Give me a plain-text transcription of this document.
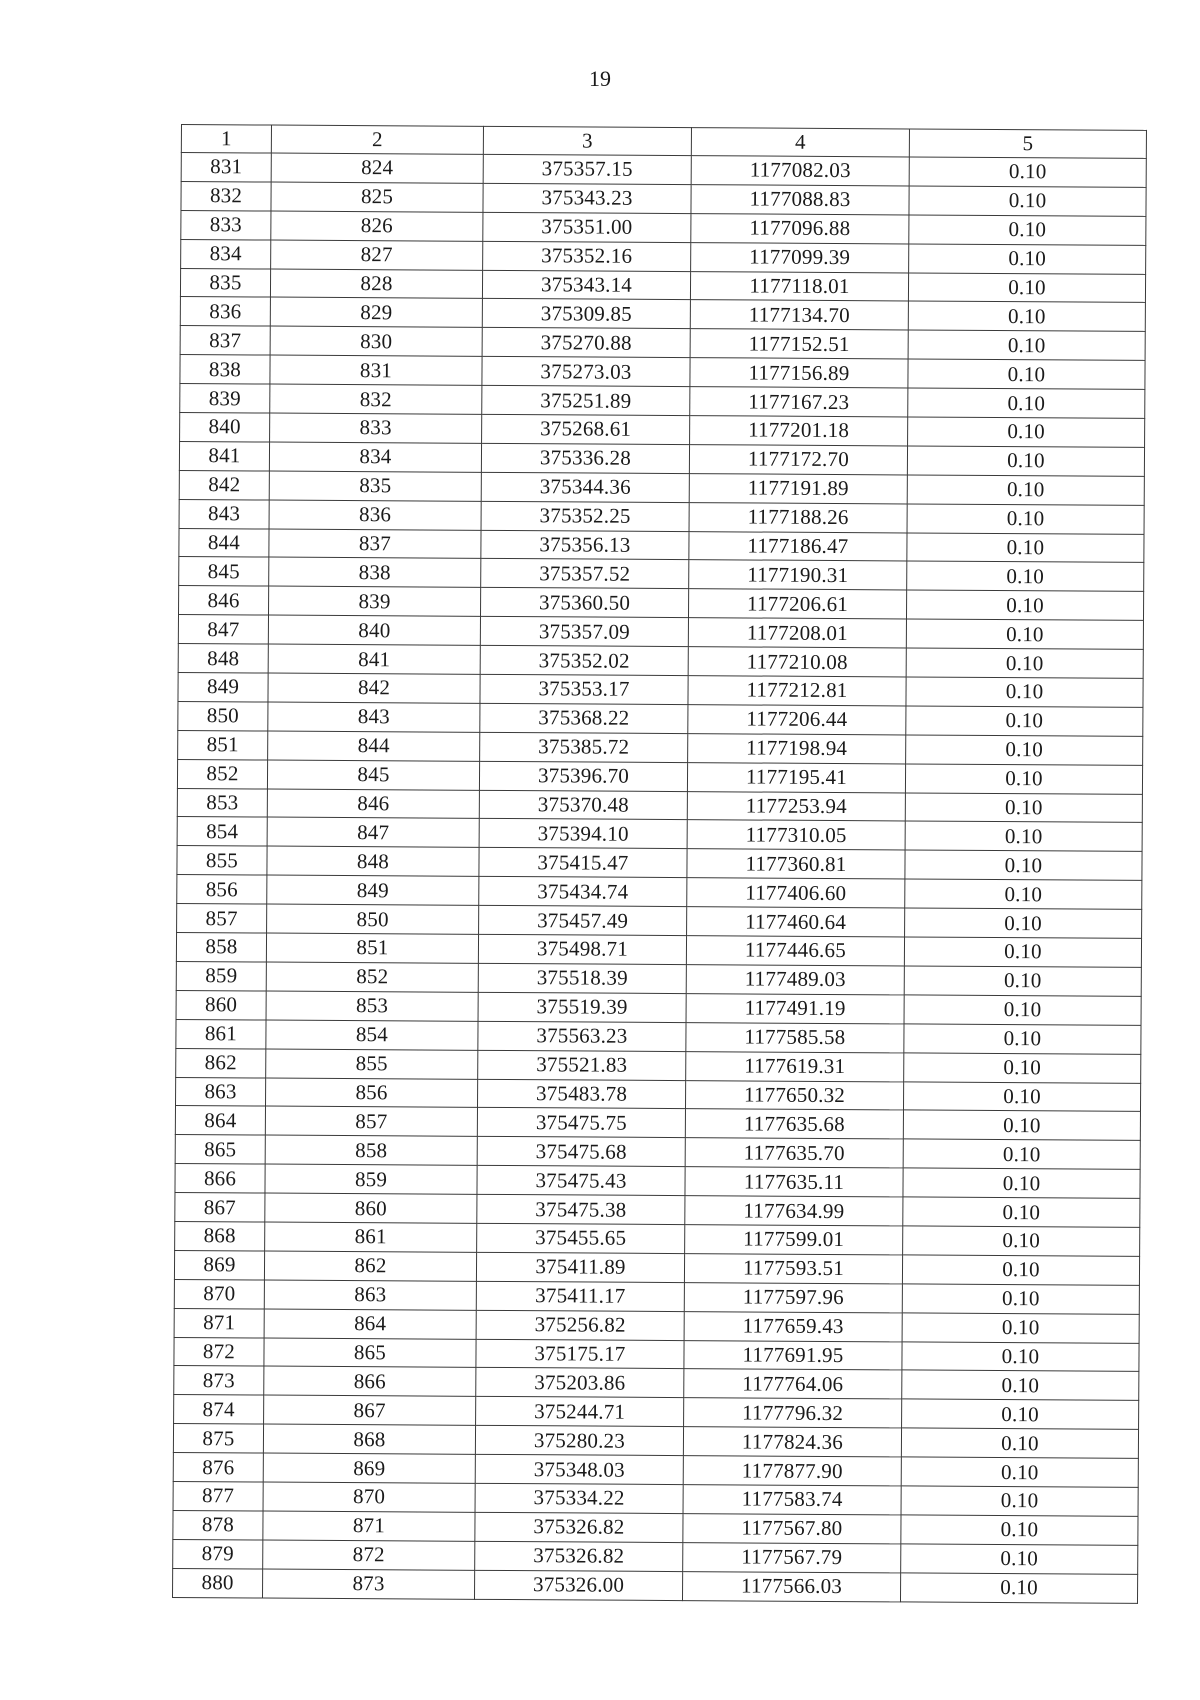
19
1	2	3	4	5
831	824	375357.15	1177082.03	0.10
832	825	375343.23	1177088.83	0.10
833	826	375351.00	1177096.88	0.10
834	827	375352.16	1177099.39	0.10
835	828	375343.14	1177118.01	0.10
836	829	375309.85	1177134.70	0.10
837	830	375270.88	1177152.51	0.10
838	831	375273.03	1177156.89	0.10
839	832	375251.89	1177167.23	0.10
840	833	375268.61	1177201.18	0.10
841	834	375336.28	1177172.70	0.10
842	835	375344.36	1177191.89	0.10
843	836	375352.25	1177188.26	0.10
844	837	375356.13	1177186.47	0.10
845	838	375357.52	1177190.31	0.10
846	839	375360.50	1177206.61	0.10
847	840	375357.09	1177208.01	0.10
848	841	375352.02	1177210.08	0.10
849	842	375353.17	1177212.81	0.10
850	843	375368.22	1177206.44	0.10
851	844	375385.72	1177198.94	0.10
852	845	375396.70	1177195.41	0.10
853	846	375370.48	1177253.94	0.10
854	847	375394.10	1177310.05	0.10
855	848	375415.47	1177360.81	0.10
856	849	375434.74	1177406.60	0.10
857	850	375457.49	1177460.64	0.10
858	851	375498.71	1177446.65	0.10
859	852	375518.39	1177489.03	0.10
860	853	375519.39	1177491.19	0.10
861	854	375563.23	1177585.58	0.10
862	855	375521.83	1177619.31	0.10
863	856	375483.78	1177650.32	0.10
864	857	375475.75	1177635.68	0.10
865	858	375475.68	1177635.70	0.10
866	859	375475.43	1177635.11	0.10
867	860	375475.38	1177634.99	0.10
868	861	375455.65	1177599.01	0.10
869	862	375411.89	1177593.51	0.10
870	863	375411.17	1177597.96	0.10
871	864	375256.82	1177659.43	0.10
872	865	375175.17	1177691.95	0.10
873	866	375203.86	1177764.06	0.10
874	867	375244.71	1177796.32	0.10
875	868	375280.23	1177824.36	0.10
876	869	375348.03	1177877.90	0.10
877	870	375334.22	1177583.74	0.10
878	871	375326.82	1177567.80	0.10
879	872	375326.82	1177567.79	0.10
880	873	375326.00	1177566.03	0.10
